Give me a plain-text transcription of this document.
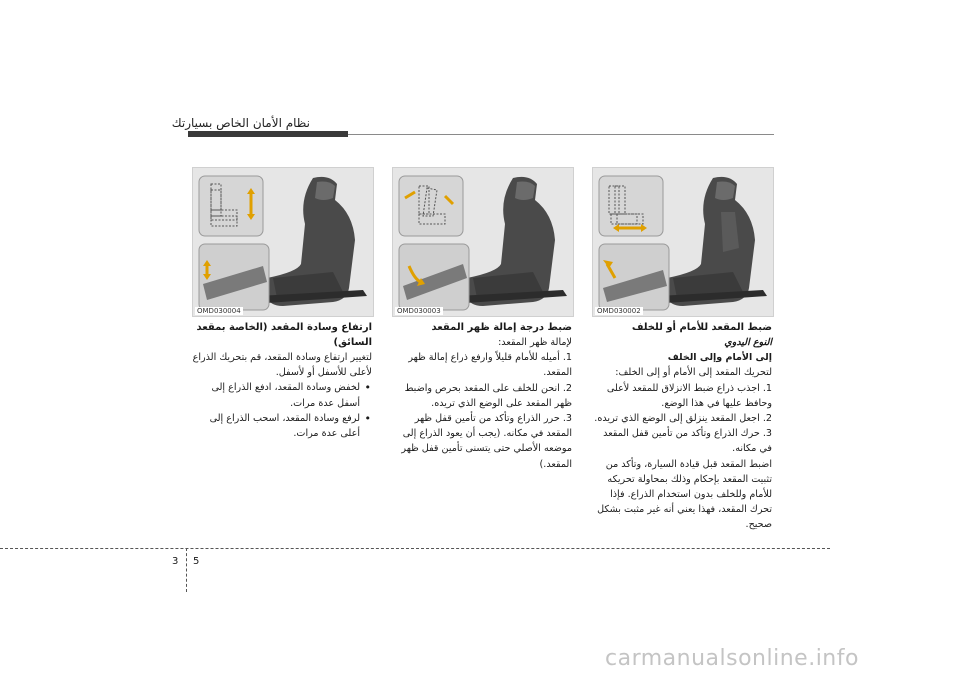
نظام الأمان الخاص بسيارتك
OMD030002
OMD030003
OMD030004
ضبط المقعد للأمام أو للخلف
النوع اليدوي
إلى الأمام وإلى الخلف

لتحريك المقعد إلى الأمام أو إلى الخلف:

1. اجذب ذراع ضبط الانزلاق للمقعد لأعلى وحافظ عليها في هذا الوضع.

2. اجعل المقعد ينزلق إلى الوضع الذي تريده.

3. حرك الذراع وتأكد من تأمين قفل المقعد في مكانه.

اضبط المقعد قبل قيادة السيارة، وتأكد من تثبيت المقعد بإحكام وذلك بمحاولة تحريكه للأمام وللخلف بدون استخدام الذراع. فإذا تحرك المقعد، فهذا يعني أنه غير مثبت بشكل صحيح.

ضبط درجة إمالة ظهر المقعد

لإمالة ظهر المقعد:

1. أميله للأمام قليلاً وارفع ذراع إمالة ظهر المقعد.

2. انحن للخلف على المقعد بحرص واضبط ظهر المقعد على الوضع الذي تريده.

3. حرر الذراع وتأكد من تأمين قفل ظهر المقعد في مكانه. (يجب أن يعود الذراع إلى موضعه الأصلي حتى يتسنى تأمين قفل ظهر المقعد.)

ارتفاع وسادة المقعد (الخاصة بمقعد السائق)

لتغيير ارتفاع وسادة المقعد، قم بتحريك الذراع لأعلى للأسفل أو لأسفل.

• لخفض وسادة المقعد، ادفع الذراع إلى أسفل عدة مرات.
• لرفع وسادة المقعد، اسحب الذراع إلى أعلى عدة مرات.
3 5
carmanualsonline.info
